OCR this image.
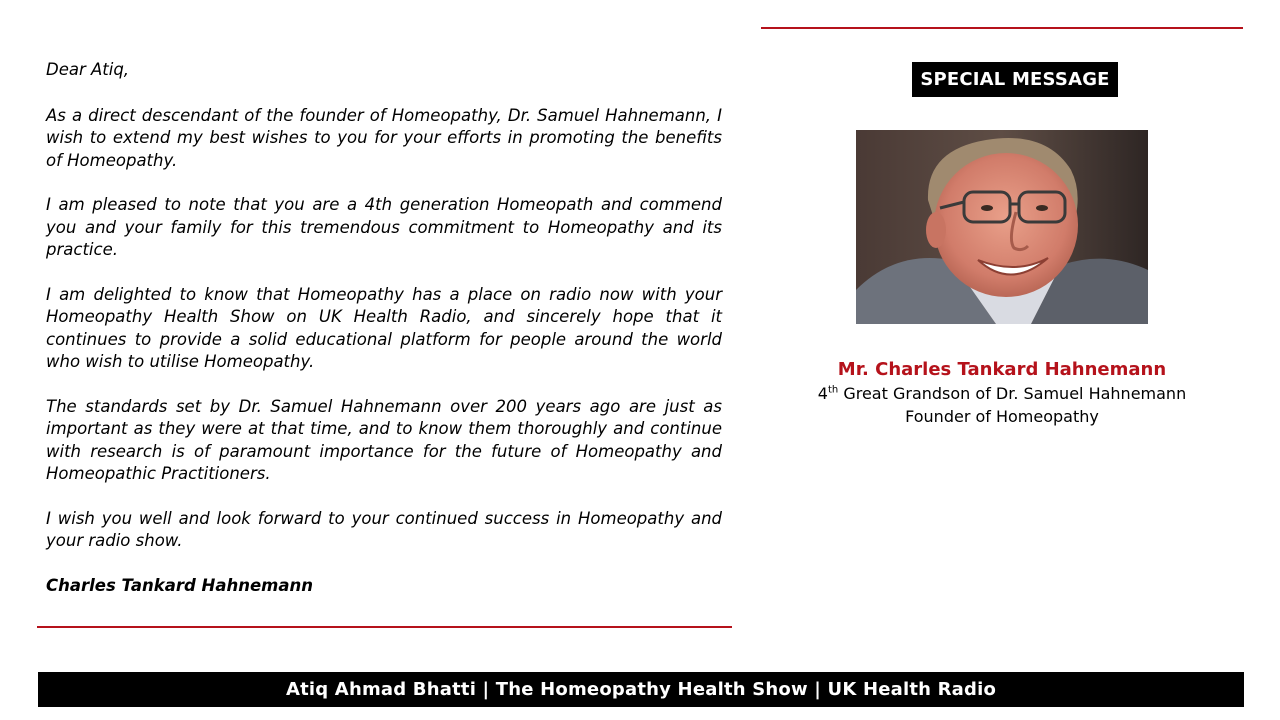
Dear Atiq,

As a direct descendant of the founder of Homeopathy, Dr. Samuel Hahnemann, I wish to extend my best wishes to you for your efforts in promoting the benefits of Homeopathy.

I am pleased to note that you are a 4th generation Homeopath and commend you and your family for this tremendous commitment to Homeopathy and its practice.

I am delighted to know that Homeopathy has a place on radio now with your Homeopathy Health Show on UK Health Radio, and sincerely hope that it continues to provide a solid educational platform for people around the world who wish to utilise Homeopathy.

The standards set by Dr. Samuel Hahnemann over 200 years ago are just as important as they were at that time, and to know them thoroughly and continue with research is of paramount importance for the future of Homeopathy and Homeopathic Practitioners.

I wish you well and look forward to your continued success in Homeopathy and your radio show.

Charles Tankard Hahnemann

SPECIAL MESSAGE
Mr. Charles Tankard Hahnemann
4th Great Grandson of Dr. Samuel Hahnemann
Founder of Homeopathy
Atiq Ahmad Bhatti | The Homeopathy Health Show | UK Health Radio
